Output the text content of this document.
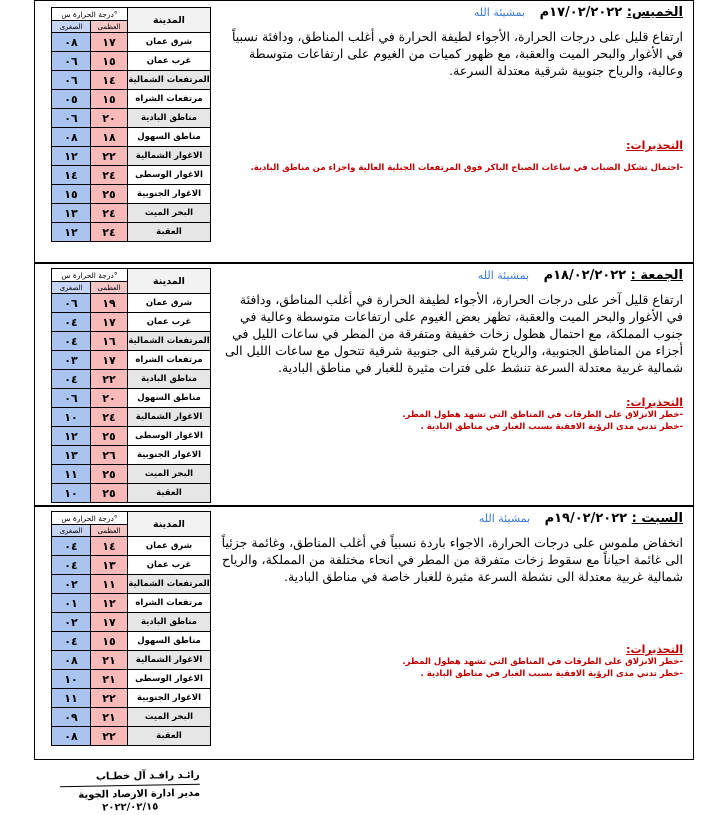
درجة الحرارة س°		المدينة
الصغرى	العظمى	
٠٨	١٧	شرق عمان
٠٦	١٥	غرب عمان
٠٦	١٤	المرتفعات الشمالية
٠٥	١٥	مرتفعات الشراه
٠٦	٢٠	مناطق البادية
٠٨	١٨	مناطق السهول
١٢	٢٢	الاغوار الشمالية
١٤	٢٤	الاغوار الوسطى
١٥	٢٥	الاغوار الجنوبية
١٣	٢٤	البحر الميت
١٢	٢٤	العقبة
الخميس: ١٧/٠٢/٢٠٢٢م بمشيئة الله
ارتفاع قليل على درجات الحرارة، الأجواء لطيفة الحرارة في أغلب المناطق، ودافئة نسبياً في الأغوار والبحر الميت والعقبة، مع ظهور كميات من الغيوم على ارتفاعات متوسطة وعالية، والرياح جنوبية شرقية معتدلة السرعة.
التحذيرات:
-احتمال تشكل الضباب في ساعات الصباح الباكر فوق المرتفعات الجبلية العالية واجزاء من مناطق البادية.
درجة الحرارة س°		المدينة
الصغرى	العظمى	
٠٦	١٩	شرق عمان
٠٤	١٧	غرب عمان
٠٤	١٦	المرتفعات الشمالية
٠٣	١٧	مرتفعات الشراه
٠٤	٢٢	مناطق البادية
٠٦	٢٠	مناطق السهول
١٠	٢٤	الاغوار الشمالية
١٢	٢٥	الاغوار الوسطى
١٣	٢٦	الاغوار الجنوبية
١١	٢٥	البحر الميت
١٠	٢٥	العقبة
الجمعة : ١٨/٠٢/٢٠٢٢م بمشيئة الله
ارتفاع قليل آخر على درجات الحرارة، الأجواء لطيفة الحرارة في أغلب المناطق، ودافئة في الأغوار والبحر الميت والعقبة، تظهر بعض الغيوم على ارتفاعات متوسطة وعالية في جنوب المملكة، مع احتمال هطول زخات خفيفة ومتفرقة من المطر في ساعات الليل في أجزاء من المناطق الجنوبية، والرياح شرقية الى جنوبية شرقية تتحول مع ساعات الليل الى شمالية غربية معتدلة السرعة تنشط على فترات مثيرة للغبار في مناطق البادية.
التحذيرات:
-خطر الانزلاق على الطرقات في المناطق التي تشهد هطول المطر.
-خطر تدني مدى الرؤية الافقية بسبب الغبار في مناطق البادية .
درجة الحرارة س°		المدينة
الصغرى	العظمى	
٠٤	١٤	شرق عمان
٠٤	١٣	غرب عمان
٠٢	١١	المرتفعات الشمالية
٠١	١٢	مرتفعات الشراه
٠٢	١٧	مناطق البادية
٠٤	١٥	مناطق السهول
٠٨	٢١	الاغوار الشمالية
١٠	٢١	الاغوار الوسطى
١١	٢٢	الاغوار الجنوبية
٠٩	٢١	البحر الميت
٠٨	٢٢	العقبة
السبت : ١٩/٠٢/٢٠٢٢م بمشيئة الله
انخفاض ملموس على درجات الحرارة، الاجواء باردة نسبياً في أغلب المناطق، وغائمة جزئياً الى غائمة احياناً مع سقوط زخات متفرقة من المطر في انحاء مختلفة من المملكة، والرياح شمالية غربية معتدلة الى نشطة السرعة مثيرة للغبار خاصة في مناطق البادية.
التحذيرات:
-خطر الانزلاق على الطرقات في المناطق التي تشهد هطول المطر.
-خطر تدني مدى الرؤية الافقية بسبب الغبار في مناطق البادية .
رائـد رافـد آل خطـاب
مدير ادارة الارصاد الجوية
٢٠٢٢/٠٢/١٥
